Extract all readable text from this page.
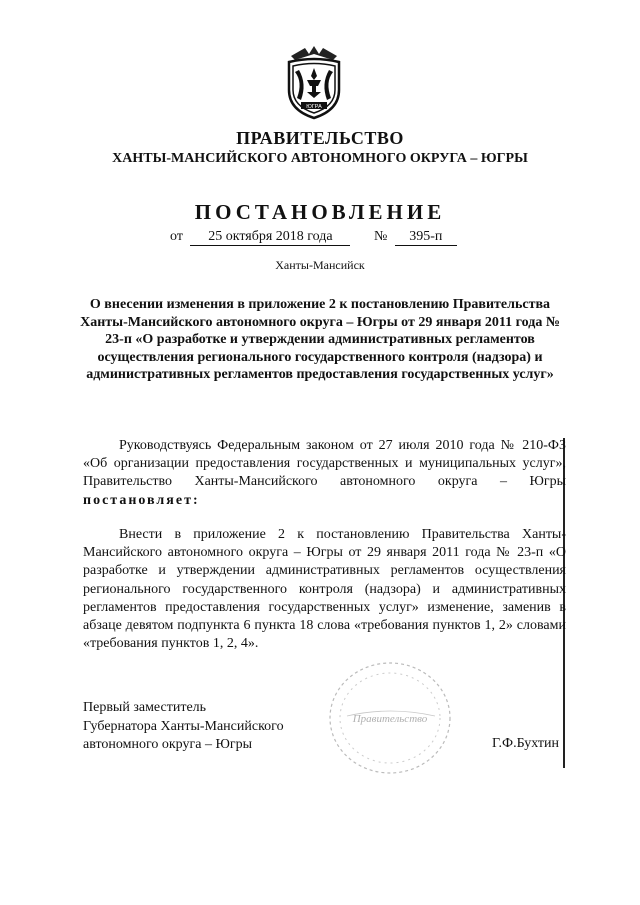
ЮГРА
ПРАВИТЕЛЬСТВО
ХАНТЫ-МАНСИЙСКОГО АВТОНОМНОГО ОКРУГА – ЮГРЫ
ПОСТАНОВЛЕНИЕ
от 25 октября 2018 года	№ 395-п
Ханты-Мансийск
О внесении изменения в приложение 2 к постановлению Правительства Ханты-Мансийского автономного округа – Югры от 29 января 2011 года № 23-п «О разработке и утверждении административных регламентов осуществления регионального государственного контроля (надзора) и административных регламентов предоставления государственных услуг»
Руководствуясь Федеральным законом от 27 июля 2010 года № 210-ФЗ «Об организации предоставления государственных и муниципальных услуг», Правительство Ханты-Мансийского автономного округа – Югры постановляет:
Внести в приложение 2 к постановлению Правительства Ханты-Мансийского автономного округа – Югры от 29 января 2011 года № 23-п «О разработке и утверждении административных регламентов осуществления регионального государственного контроля (надзора) и административных регламентов предоставления государственных услуг» изменение, заменив в абзаце девятом подпункта 6 пункта 18 слова «требования пунктов 1, 2» словами «требования пунктов 1, 2, 4».
Первый заместитель
Губернатора Ханты-Мансийского
автономного округа – Югры
Правительство
Г.Ф.Бухтин
